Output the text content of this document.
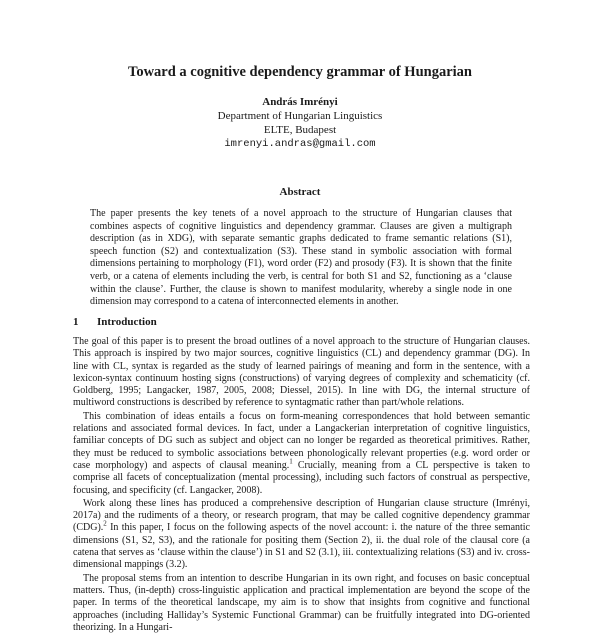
Toward a cognitive dependency grammar of Hungarian
András Imrényi
Department of Hungarian Linguistics
ELTE, Budapest
imrenyi.andras@gmail.com
Abstract

The paper presents the key tenets of a novel approach to the structure of Hungarian clauses that combines aspects of cognitive linguistics and dependency grammar. Clauses are given a multigraph description (as in XDG), with separate semantic graphs dedicated to frame semantic relations (S1), speech function (S2) and contextualization (S3). These stand in symbolic association with formal dimensions pertaining to morphology (F1), word order (F2) and prosody (F3). It is shown that the finite verb, or a catena of elements including the verb, is central for both S1 and S2, functioning as a ‘clause within the clause’. Further, the clause is shown to manifest modularity, whereby a single node in one dimension may correspond to a catena of interconnected elements in another.

1 Introduction

The goal of this paper is to present the broad outlines of a novel approach to the structure of Hungarian clauses. This approach is inspired by two major sources, cognitive linguistics (CL) and dependency grammar (DG). In line with CL, syntax is regarded as the study of learned pairings of meaning and form in the sentence, with a lexicon-syntax continuum hosting signs (constructions) of varying degrees of complexity and schematicity (cf. Goldberg, 1995; Langacker, 1987, 2005, 2008; Diessel, 2015). In line with DG, the internal structure of multiword constructions is described by reference to syntagmatic rather than part/whole relations.

This combination of ideas entails a focus on form-meaning correspondences that hold between semantic relations and associated formal devices. In fact, under a Langackerian interpretation of cognitive linguistics, familiar concepts of DG such as subject and object can no longer be regarded as theoretical primitives. Rather, they must be reduced to symbolic associations between phonologically relevant properties (e.g. word order or case morphology) and aspects of clausal meaning.$^1$ Crucially, meaning from a CL perspective is taken to comprise all facets of conceptualization (mental processing), including such factors of construal as perspective, focusing, and specificity (cf. Langacker, 2008).

Work along these lines has produced a comprehensive description of Hungarian clause structure (Imrényi, 2017a) and the rudiments of a theory, or research program, that may be called cognitive dependency grammar (CDG).$^2$ In this paper, I focus on the following aspects of the novel account: i. the nature of the three semantic dimensions (S1, S2, S3), and the rationale for positing them (Section 2), ii. the dual role of the clausal core (a catena that serves as ‘clause within the clause’) in S1 and S2 (3.1), iii. contextualizing relations (S3) and iv. cross-dimensional mappings (3.2).

The proposal stems from an intention to describe Hungarian in its own right, and focuses on basic conceptual matters. Thus, (in-depth) cross-linguistic application and practical implementation are beyond the scope of the paper. In terms of the theoretical landscape, my aim is to show that insights from cognitive and functional approaches (including Halliday’s Systemic Functional Grammar) can be fruitfully integrated into DG-oriented theorizing. In a Hungari-
